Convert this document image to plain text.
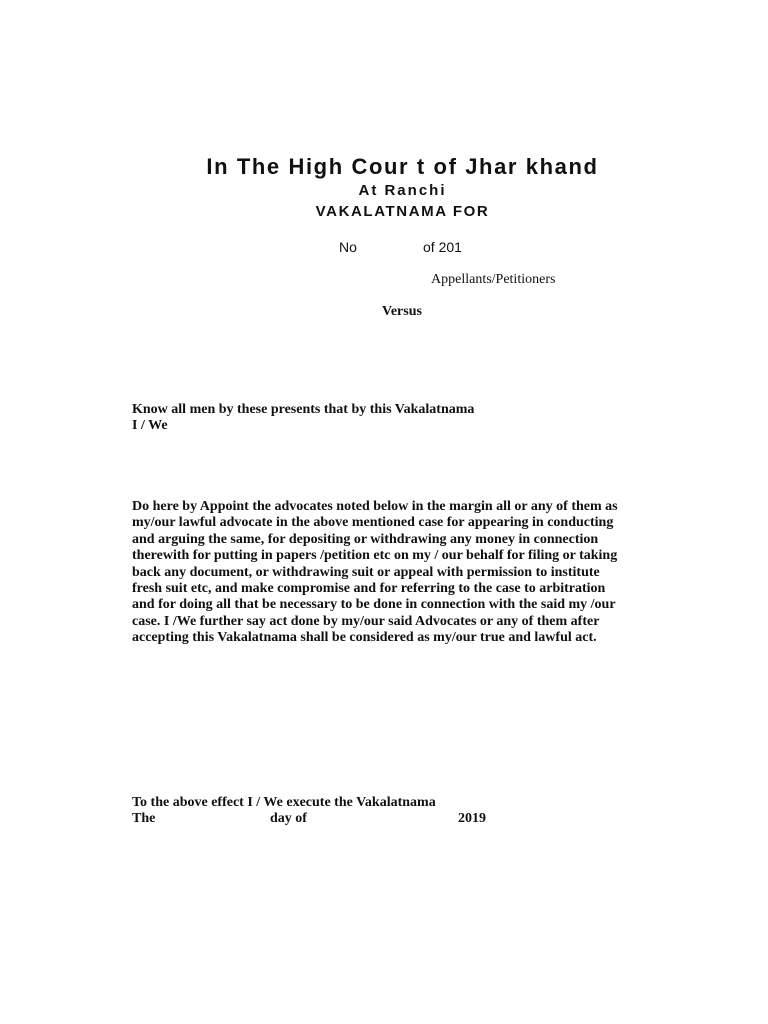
In The High Cour t of Jhar khand
At Ranchi
VAKALATNAMA FOR
No	of 201
Appellants/Petitioners
Versus

Know all men by these presents that by this Vakalatnama
I / We

Do here by Appoint the advocates noted below in the margin all or any of them as
my/our lawful advocate in the above mentioned case for appearing in conducting
and arguing the same, for depositing or withdrawing any money in connection
therewith for putting in papers /petition etc on my / our behalf for filing or taking
back any document, or withdrawing suit or appeal with permission to institute
fresh suit etc, and make compromise and for referring to the case to arbitration
and for doing all that be necessary to be done in connection with the said my /our
case. I /We further say act done by my/our said Advocates or any of them after
accepting this Vakalatnama shall be considered as my/our true and lawful act.

To the above effect I / We execute the Vakalatnama

The	day of	2019
